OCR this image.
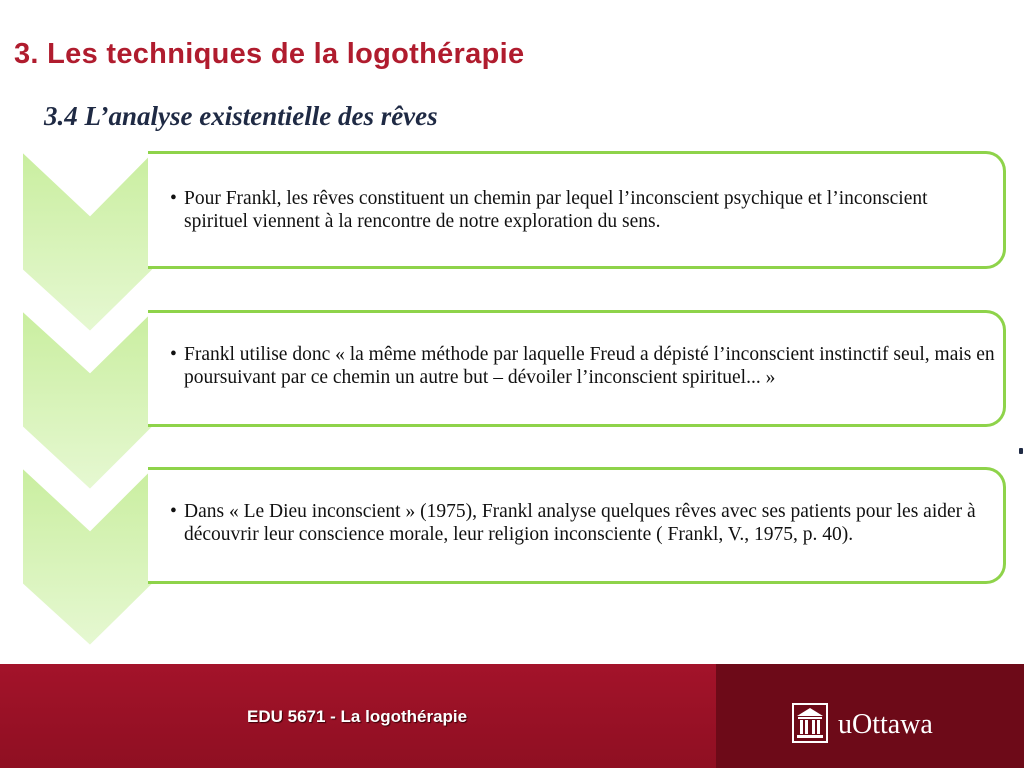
3. Les techniques de la logothérapie
3.4 L’analyse existentielle des rêves
• Pour Frankl, les rêves constituent un chemin par lequel l’inconscient psychique et l’inconscient spirituel viennent à la rencontre de notre exploration du sens.
• Frankl utilise donc « la même méthode par laquelle Freud a dépisté l’inconscient instinctif seul, mais en poursuivant par ce chemin un autre but – dévoiler l’inconscient spirituel... »
• Dans « Le Dieu inconscient » (1975), Frankl analyse quelques rêves avec ses patients pour les aider à découvrir leur conscience morale, leur religion inconsciente ( Frankl, V., 1975, p. 40).
EDU 5671 - La logothérapie	uOttawa
